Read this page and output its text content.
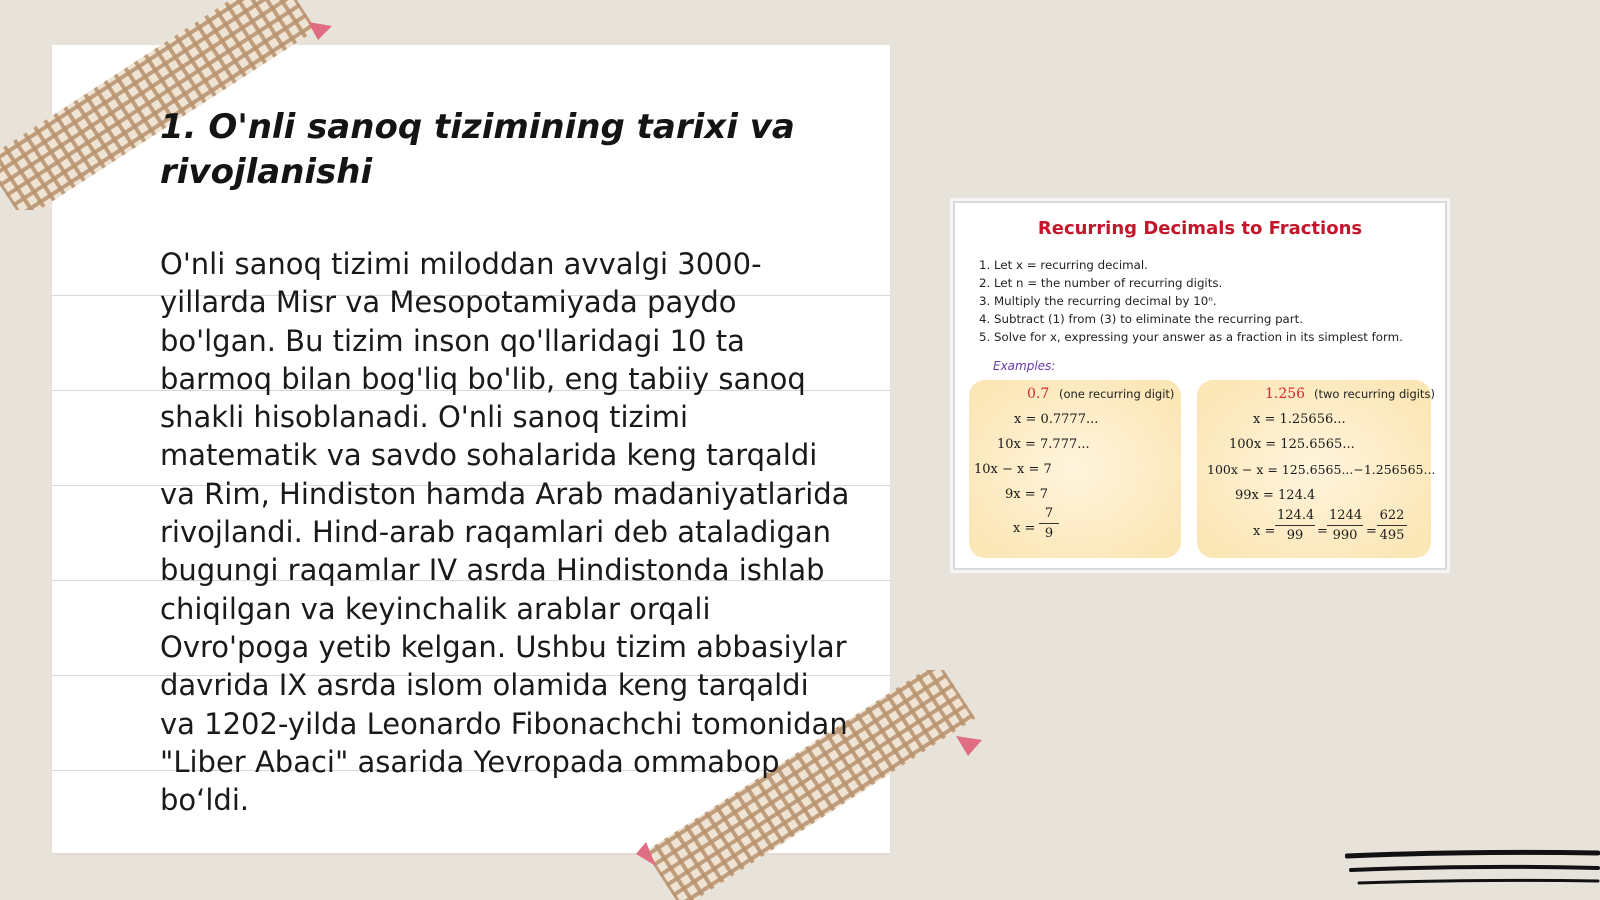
1. O'nli sanoq tizimining tarixi va rivojlanishi

O'nli sanoq tizimi miloddan avvalgi 3000-yillarda Misr va Mesopotamiyada paydo bo'lgan. Bu tizim inson qo'llaridagi 10 ta barmoq bilan bog'liq bo'lib, eng tabiiy sanoq shakli hisoblanadi. O'nli sanoq tizimi matematik va savdo sohalarida keng tarqaldi va Rim, Hindiston hamda Arab madaniyatlarida rivojlandi. Hind-arab raqamlari deb ataladigan bugungi raqamlar IV asrda Hindistonda ishlab chiqilgan va keyinchalik arablar orqali Ovro'poga yetib kelgan. Ushbu tizim abbasiylar davrida IX asrda islom olamida keng tarqaldi va 1202-yilda Leonardo Fibonachchi tomonidan "Liber Abaci" asarida Yevropada ommabop bo‘ldi.

Recurring Decimals to Fractions
1. Let x = recurring decimal.
2. Let n = the number of recurring digits.
3. Multiply the recurring decimal by 10ⁿ.
4. Subtract (1) from (3) to eliminate the recurring part.
5. Solve for x, expressing your answer as a fraction in its simplest form.
Examples:
0.7̇ (one recurring digit)
x = 0.7777...
10x = 7.777...
10x − x = 7
9x = 7
$x = \frac{7}{9}$
1.2̇56̇ (two recurring digits)
x = 1.25656...
100x = 125.6565...
100x − x = 125.6565...−1.256565...
99x = 124.4
$x = \frac{124.4}{99} = \frac{1244}{990} = \frac{622}{495}$
